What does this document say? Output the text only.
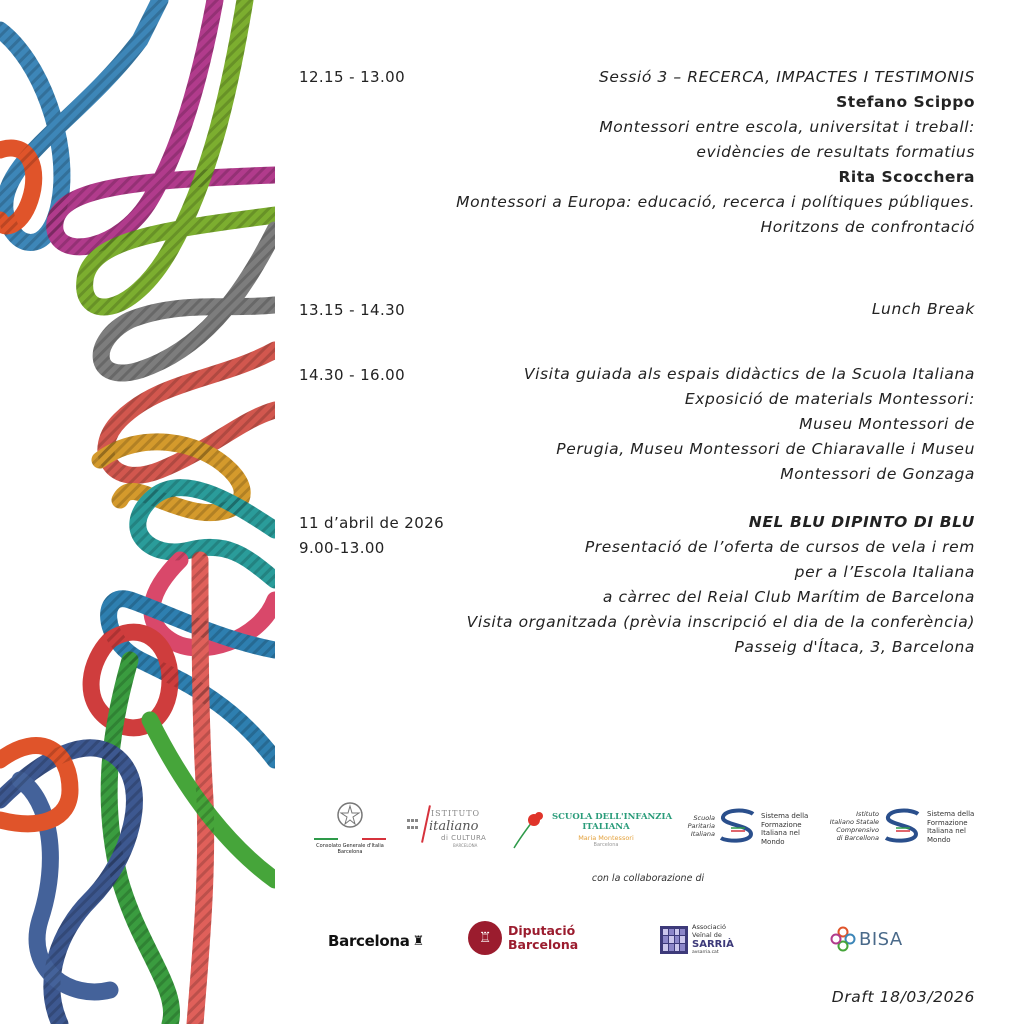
12.15 - 13.00	Sessió 3 – RECERCA, IMPACTES I TESTIMONIS
Stefano Scippo
Montessori entre escola, universitat i treball:
evidències de resultats formatius
Rita Scocchera
Montessori a Europa: educació, recerca i polítiques públiques.
Horitzons de confrontació
13.15 - 14.30	Lunch Break
14.30 - 16.00	Visita guiada als espais didàctics de la Scuola Italiana
Exposició de materials Montessori:
Museu Montessori de
Perugia, Museu Montessori de Chiaravalle i Museu
Montessori de Gonzaga
11 d’abril de 2026
9.00-13.00
NEL BLU DIPINTO DI BLU
Presentació de l’oferta de cursos de vela i rem
per a l’Escola Italiana
a càrrec del Reial Club Marítim de Barcelona
Visita organitzada (prèvia inscripció el dia de la conferència)
Passeig d'Ítaca, 3, Barcelona
Consolato Generale d'Italia Barcelona
ISTITUTO
italiano
di CULTURA
BARCELONA
SCUOLA DELL'INFANZIA
ITALIANA
Maria Montessori
Barcelona
Scuola
Paritaria
Italiana
Sistema della
Formazione
Italiana nel
Mondo
Istituto
Italiano Statale
Comprensivo
di Barcellona
Sistema della
Formazione
Italiana nel
Mondo
con la collaborazione di
Barcelona ♜	♖	Diputació
Barcelona
Associació
Veïnal de
SARRIÀ
avsarria.cat
BISA
Draft 18/03/2026
